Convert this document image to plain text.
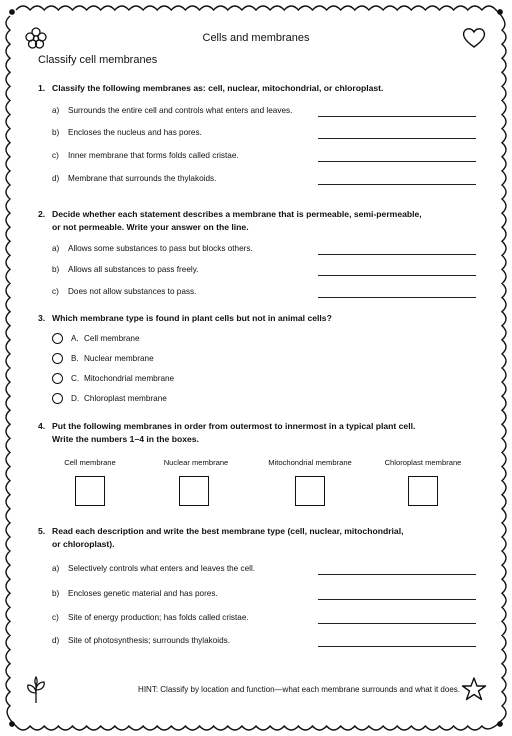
Cells and membranes
Classify cell membranes
1. Classify the following membranes as: cell, nuclear, mitochondrial, or chloroplast.
a) Surrounds the entire cell and controls what enters and leaves.
b) Encloses the nucleus and has pores.
c) Inner membrane that forms folds called cristae.
d) Membrane that surrounds the thylakoids.
2. Decide whether each statement describes a membrane that is permeable, semi-permeable,
or not permeable. Write your answer on the line.
a) Allows some substances to pass but blocks others.
b) Allows all substances to pass freely.
c) Does not allow substances to pass.
3. Which membrane type is found in plant cells but not in animal cells?
A. Cell membrane
B. Nuclear membrane
C. Mitochondrial membrane
D. Chloroplast membrane
4. Put the following membranes in order from outermost to innermost in a typical plant cell.
Write the numbers 1–4 in the boxes.
Cell membrane	Nuclear membrane	Mitochondrial membrane	Chloroplast membrane
5. Read each description and write the best membrane type (cell, nuclear, mitochondrial,
or chloroplast).
a) Selectively controls what enters and leaves the cell.
b) Encloses genetic material and has pores.
c) Site of energy production; has folds called cristae.
d) Site of photosynthesis; surrounds thylakoids.
HINT: Classify by location and function—what each membrane surrounds and what it does.
